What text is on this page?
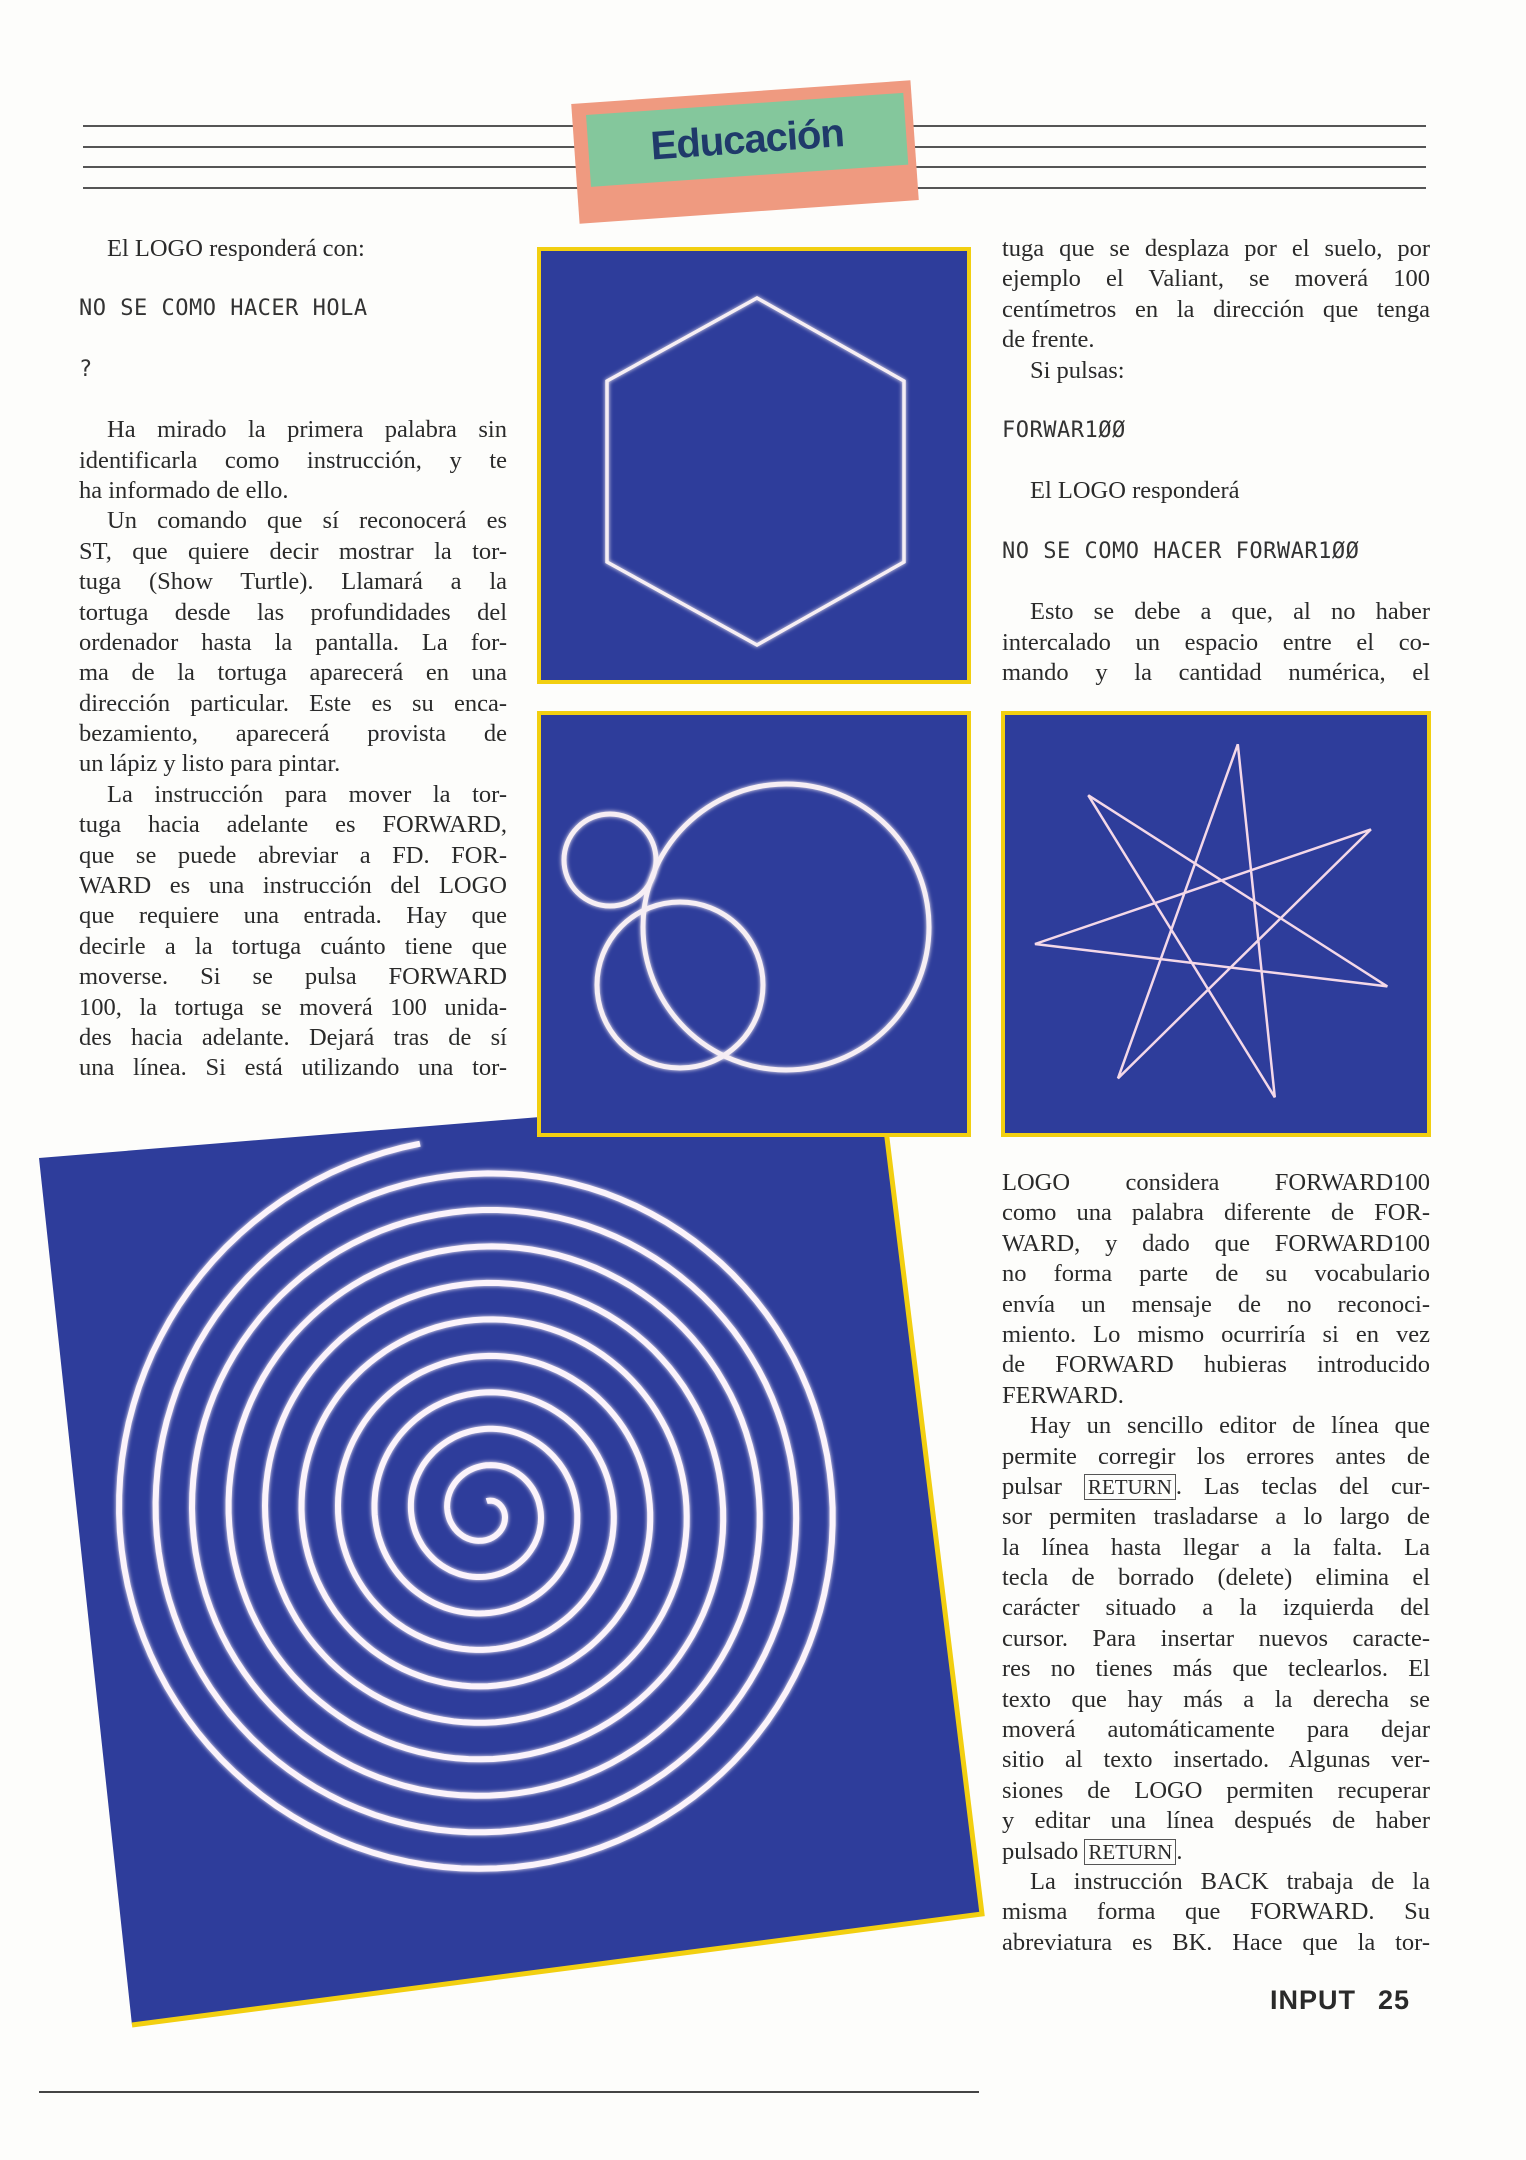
Educación
El LOGO responderá con:
NO SE COMO HACER HOLA
?
Ha mirado la primera palabra sin
identificarla como instrucción, y te
ha informado de ello.
Un comando que sí reconocerá es
ST, que quiere decir mostrar la tor-
tuga (Show Turtle). Llamará a la
tortuga desde las profundidades del
ordenador hasta la pantalla. La for-
ma de la tortuga aparecerá en una
dirección particular. Este es su enca-
bezamiento, aparecerá provista de
un lápiz y listo para pintar.
La instrucción para mover la tor-
tuga hacia adelante es FORWARD,
que se puede abreviar a FD. FOR-
WARD es una instrucción del LOGO
que requiere una entrada. Hay que
decirle a la tortuga cuánto tiene que
moverse. Si se pulsa FORWARD
100, la tortuga se moverá 100 unida-
des hacia adelante. Dejará tras de sí
una línea. Si está utilizando una tor-
tuga que se desplaza por el suelo, por
ejemplo el Valiant, se moverá 100
centímetros en la dirección que tenga
de frente.
Si pulsas:
FORWAR1ØØ
El LOGO responderá
NO SE COMO HACER FORWAR1ØØ
Esto se debe a que, al no haber
intercalado un espacio entre el co-
mando y la cantidad numérica, el
LOGO considera FORWARD100
como una palabra diferente de FOR-
WARD, y dado que FORWARD100
no forma parte de su vocabulario
envía un mensaje de no reconoci-
miento. Lo mismo ocurriría si en vez
de FORWARD hubieras introducido
FERWARD.
Hay un sencillo editor de línea que
permite corregir los errores antes de
pulsar RETURN . Las teclas del cur-
sor permiten trasladarse a lo largo de
la línea hasta llegar a la falta. La
tecla de borrado (delete) elimina el
carácter situado a la izquierda del
cursor. Para insertar nuevos caracte-
res no tienes más que teclearlos. El
texto que hay más a la derecha se
moverá automáticamente para dejar
sitio al texto insertado. Algunas ver-
siones de LOGO permiten recuperar
y editar una línea después de haber
pulsado RETURN .
La instrucción BACK trabaja de la
misma forma que FORWARD. Su
abreviatura es BK. Hace que la tor-
INPUT 25
